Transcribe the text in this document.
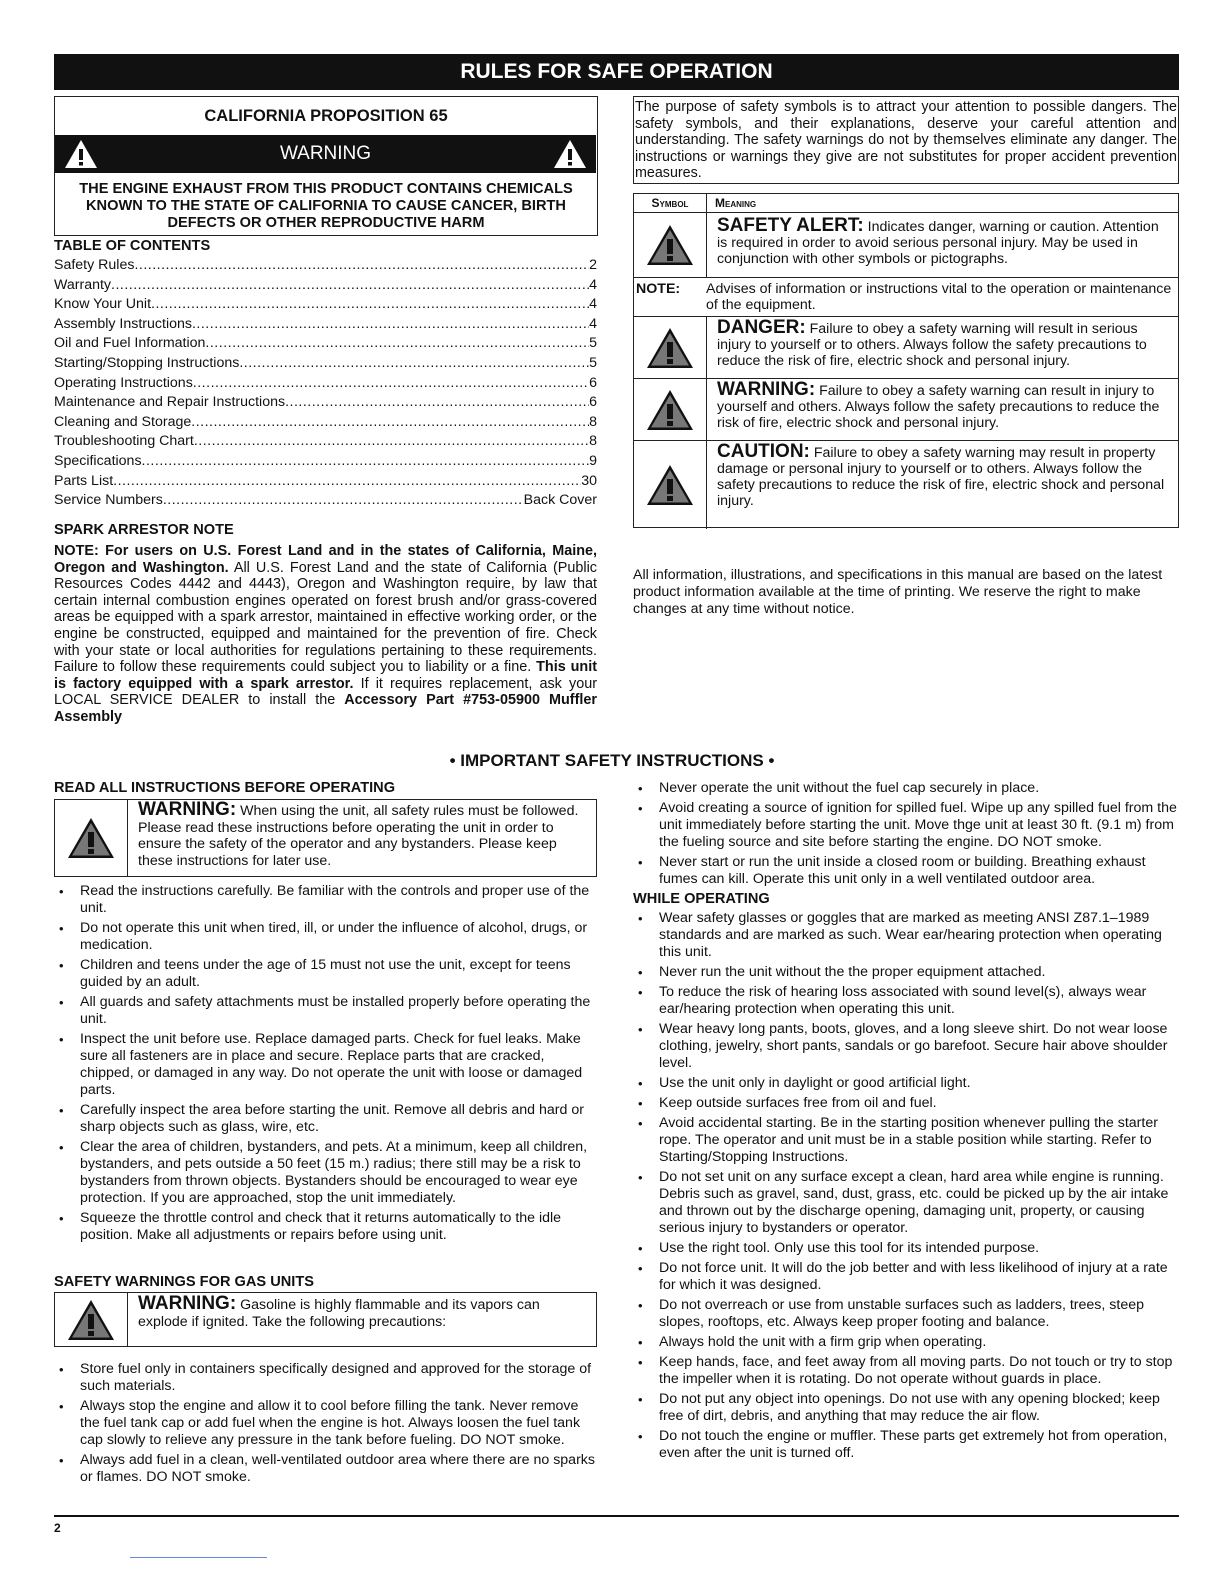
RULES FOR SAFE OPERATION
CALIFORNIA PROPOSITION 65
WARNING
THE ENGINE EXHAUST FROM THIS PRODUCT CONTAINS CHEMICALS KNOWN TO THE STATE OF CALIFORNIA TO CAUSE CANCER, BIRTH DEFECTS OR OTHER REPRODUCTIVE HARM
TABLE OF CONTENTS
Safety Rules .....	2
Warranty .....	4
Know Your Unit .....	4
Assembly Instructions .....	4
Oil and Fuel Information .....	5
Starting/Stopping Instructions .....	5
Operating Instructions .....	6
Maintenance and Repair Instructions .....	6
Cleaning and Storage .....	8
Troubleshooting Chart .....	8
Specifications .....	9
Parts List .....	30
Service Numbers .....	Back Cover
SPARK ARRESTOR NOTE
NOTE: For users on U.S. Forest Land and in the states of California, Maine, Oregon and Washington. All U.S. Forest Land and the state of California (Public Resources Codes 4442 and 4443), Oregon and Washington require, by law that certain internal combustion engines operated on forest brush and/or grass-covered areas be equipped with a spark arrestor, maintained in effective working order, or the engine be constructed, equipped and maintained for the prevention of fire. Check with your state or local authorities for regulations pertaining to these requirements. Failure to follow these requirements could subject you to liability or a fine. This unit is factory equipped with a spark arrestor. If it requires replacement, ask your LOCAL SERVICE DEALER to install the Accessory Part #753-05900 Muffler Assembly
The purpose of safety symbols is to attract your attention to possible dangers. The safety symbols, and their explanations, deserve your careful attention and understanding. The safety warnings do not by themselves eliminate any danger. The instructions or warnings they give are not substitutes for proper accident prevention measures.
Symbol	Meaning
SAFETY ALERT: Indicates danger, warning or caution. Attention is required in order to avoid serious personal injury. May be used in conjunction with other symbols or pictographs.
NOTE:	Advises of information or instructions vital to the operation or maintenance of the equipment.
DANGER: Failure to obey a safety warning will result in serious injury to yourself or to others. Always follow the safety precautions to reduce the risk of fire, electric shock and personal injury.
WARNING: Failure to obey a safety warning can result in injury to yourself and others. Always follow the safety precautions to reduce the risk of fire, electric shock and personal injury.
CAUTION: Failure to obey a safety warning may result in property damage or personal injury to yourself or to others. Always follow the safety precautions to reduce the risk of fire, electric shock and personal injury.
All information, illustrations, and specifications in this manual are based on the latest product information available at the time of printing. We reserve the right to make changes at any time without notice.
• IMPORTANT SAFETY INSTRUCTIONS •
READ ALL INSTRUCTIONS BEFORE OPERATING
WARNING: When using the unit, all safety rules must be followed. Please read these instructions before operating the unit in order to ensure the safety of the operator and any bystanders. Please keep these instructions for later use.
• Read the instructions carefully. Be familiar with the controls and proper use of the unit.
• Do not operate this unit when tired, ill, or under the influence of alcohol, drugs, or medication.
• Children and teens under the age of 15 must not use the unit, except for teens guided by an adult.
• All guards and safety attachments must be installed properly before operating the unit.
• Inspect the unit before use. Replace damaged parts. Check for fuel leaks. Make sure all fasteners are in place and secure. Replace parts that are cracked, chipped, or damaged in any way. Do not operate the unit with loose or damaged parts.
• Carefully inspect the area before starting the unit. Remove all debris and hard or sharp objects such as glass, wire, etc.
• Clear the area of children, bystanders, and pets. At a minimum, keep all children, bystanders, and pets outside a 50 feet (15 m.) radius; there still may be a risk to bystanders from thrown objects. Bystanders should be encouraged to wear eye protection. If you are approached, stop the unit immediately.
• Squeeze the throttle control and check that it returns automatically to the idle position. Make all adjustments or repairs before using unit.
SAFETY WARNINGS FOR GAS UNITS
WARNING: Gasoline is highly flammable and its vapors can explode if ignited. Take the following precautions:
• Store fuel only in containers specifically designed and approved for the storage of such materials.
• Always stop the engine and allow it to cool before filling the tank. Never remove the fuel tank cap or add fuel when the engine is hot. Always loosen the fuel tank cap slowly to relieve any pressure in the tank before fueling. DO NOT smoke.
• Always add fuel in a clean, well-ventilated outdoor area where there are no sparks or flames. DO NOT smoke.
• Never operate the unit without the fuel cap securely in place.
• Avoid creating a source of ignition for spilled fuel. Wipe up any spilled fuel from the unit immediately before starting the unit. Move thge unit at least 30 ft. (9.1 m) from the fueling source and site before starting the engine. DO NOT smoke.
• Never start or run the unit inside a closed room or building. Breathing exhaust fumes can kill. Operate this unit only in a well ventilated outdoor area.
WHILE OPERATING
• Wear safety glasses or goggles that are marked as meeting ANSI Z87.1–1989 standards and are marked as such. Wear ear/hearing protection when operating this unit.
• Never run the unit without the the proper equipment attached.
• To reduce the risk of hearing loss associated with sound level(s), always wear ear/hearing protection when operating this unit.
• Wear heavy long pants, boots, gloves, and a long sleeve shirt. Do not wear loose clothing, jewelry, short pants, sandals or go barefoot. Secure hair above shoulder level.
• Use the unit only in daylight or good artificial light.
• Keep outside surfaces free from oil and fuel.
• Avoid accidental starting. Be in the starting position whenever pulling the starter rope. The operator and unit must be in a stable position while starting. Refer to Starting/Stopping Instructions.
• Do not set unit on any surface except a clean, hard area while engine is running. Debris such as gravel, sand, dust, grass, etc. could be picked up by the air intake and thrown out by the discharge opening, damaging unit, property, or causing serious injury to bystanders or operator.
• Use the right tool. Only use this tool for its intended purpose.
• Do not force unit. It will do the job better and with less likelihood of injury at a rate for which it was designed.
• Do not overreach or use from unstable surfaces such as ladders, trees, steep slopes, rooftops, etc. Always keep proper footing and balance.
• Always hold the unit with a firm grip when operating.
• Keep hands, face, and feet away from all moving parts. Do not touch or try to stop the impeller when it is rotating. Do not operate without guards in place.
• Do not put any object into openings. Do not use with any opening blocked; keep free of dirt, debris, and anything that may reduce the air flow.
• Do not touch the engine or muffler. These parts get extremely hot from operation, even after the unit is turned off.
2
